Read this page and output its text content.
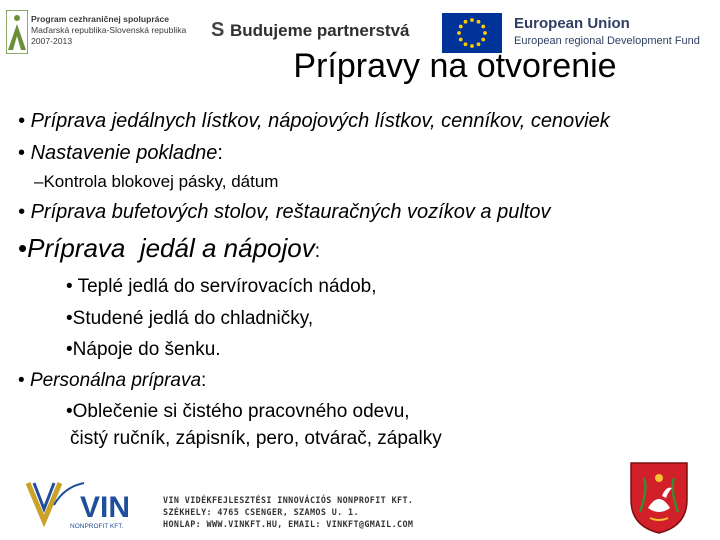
Program cezhraničnej spolupráce
Maďarská republika-Slovenská republika
2007-2013	S Budujeme partnerstvá	European Union
European regional Development Fund
Prípravy na otvorenie
• Príprava jedálnych lístkov, nápojových lístkov, cenníkov, cenoviek
• Nastavenie pokladne:
–Kontrola blokovej pásky, dátum
• Príprava bufetových stolov, reštauračných vozíkov a pultov
•Príprava  jedál a nápojov:
• Teplé jedlá do servírovacích nádob,
•Studené jedlá do chladničky,
•Nápoje do šenku.
• Personálna príprava:
•Oblečenie si čistého pracovného odevu,
čistý ručník, zápisník, pero, otvárač, zápalky
VIN
NONPROFIT KFT.
VIN VIDÉKFEJLESZTÉSI INNOVÁCIÓS NONPROFIT KFT.
SZÉKHELY: 4765 CSENGER, SZAMOS U. 1.
HONLAP: WWW.VINKFT.HU, EMAIL: VINKFT@GMAIL.COM
